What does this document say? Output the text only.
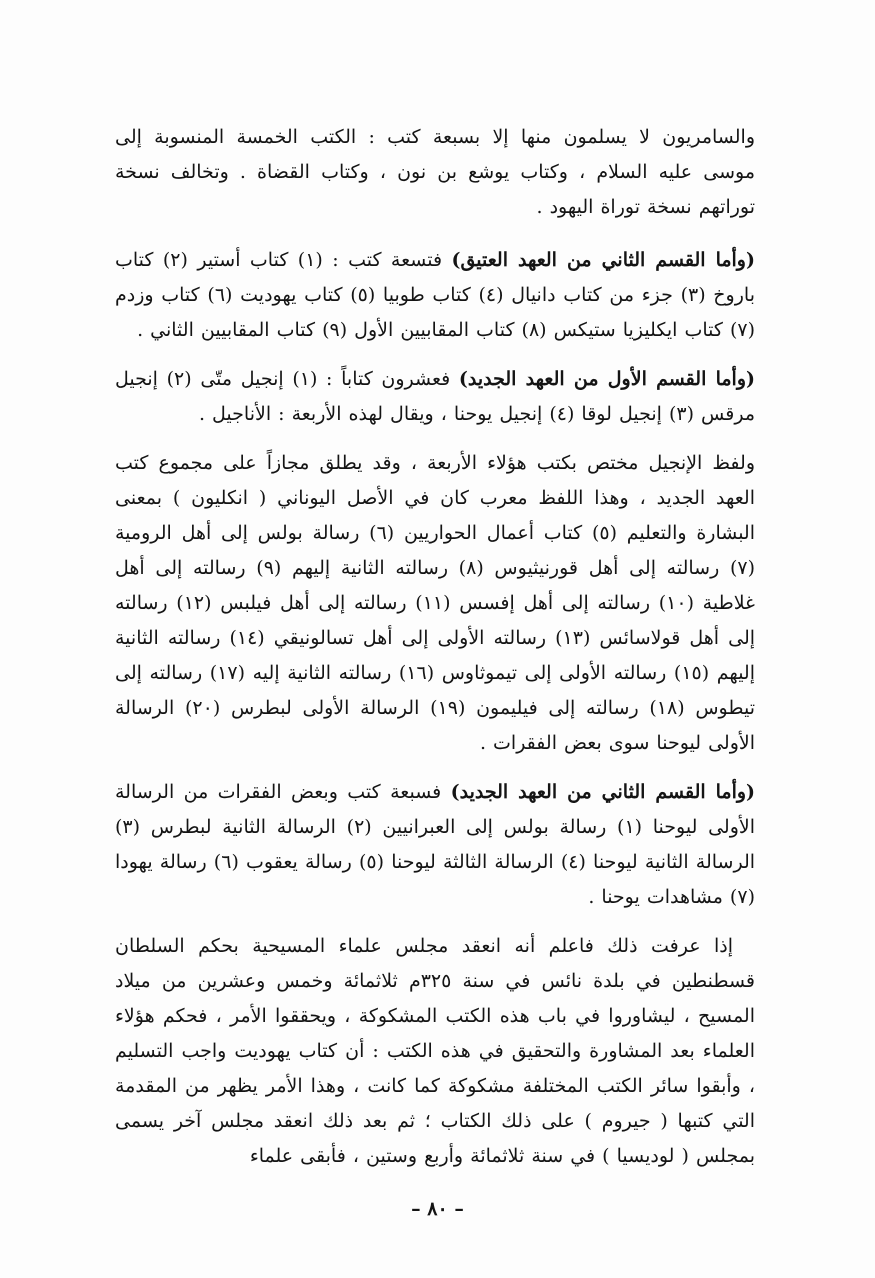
والسامريون لا يسلمون منها إلا بسبعة كتب : الكتب الخمسة المنسوبة إلى موسى عليه السلام ، وكتاب يوشع بن نون ، وكتاب القضاة . وتخالف نسخة توراتهم نسخة توراة اليهود .

(وأما القسم الثاني من العهد العتيق) فتسعة كتب : (١) كتاب أستير (٢) كتاب باروخ (٣) جزء من كتاب دانيال (٤) كتاب طوبيا (٥) كتاب يهوديت (٦) كتاب وزدم (٧) كتاب ايكليزيا ستيكس (٨) كتاب المقابيين الأول (٩) كتاب المقابيين الثاني .

(وأما القسم الأول من العهد الجديد) فعشرون كتاباً : (١) إنجيل متّى (٢) إنجيل مرقس (٣) إنجيل لوقا (٤) إنجيل يوحنا ، ويقال لهذه الأربعة : الأناجيل .

ولفظ الإنجيل مختص بكتب هؤلاء الأربعة ، وقد يطلق مجازاً على مجموع كتب العهد الجديد ، وهذا اللفظ معرب كان في الأصل اليوناني ( انكليون ) بمعنى البشارة والتعليم (٥) كتاب أعمال الحواريين (٦) رسالة بولس إلى أهل الرومية (٧) رسالته إلى أهل قورنيثيوس (٨) رسالته الثانية إليهم (٩) رسالته إلى أهل غلاطية (١٠) رسالته إلى أهل إفسس (١١) رسالته إلى أهل فيلبس (١٢) رسالته إلى أهل قولاسائس (١٣) رسالته الأولى إلى أهل تسالونيقي (١٤) رسالته الثانية إليهم (١٥) رسالته الأولى إلى تيموثاوس (١٦) رسالته الثانية إليه (١٧) رسالته إلى تيطوس (١٨) رسالته إلى فيليمون (١٩) الرسالة الأولى لبطرس (٢٠) الرسالة الأولى ليوحنا سوى بعض الفقرات .

(وأما القسم الثاني من العهد الجديد) فسبعة كتب وبعض الفقرات من الرسالة الأولى ليوحنا (١) رسالة بولس إلى العبرانيين (٢) الرسالة الثانية لبطرس (٣) الرسالة الثانية ليوحنا (٤) الرسالة الثالثة ليوحنا (٥) رسالة يعقوب (٦) رسالة يهودا (٧) مشاهدات يوحنا .

إذا عرفت ذلك فاعلم أنه انعقد مجلس علماء المسيحية بحكم السلطان قسطنطين في بلدة نائس في سنة ٣٢٥م ثلاثمائة وخمس وعشرين من ميلاد المسيح ، ليشاوروا في باب هذه الكتب المشكوكة ، ويحققوا الأمر ، فحكم هؤلاء العلماء بعد المشاورة والتحقيق في هذه الكتب : أن كتاب يهوديت واجب التسليم ، وأبقوا سائر الكتب المختلفة مشكوكة كما كانت ، وهذا الأمر يظهر من المقدمة التي كتبها ( جيروم ) على ذلك الكتاب ؛ ثم بعد ذلك انعقد مجلس آخر يسمى بمجلس ( لوديسيا ) في سنة ثلاثمائة وأربع وستين ، فأبقى علماء

– ٨٠ –
